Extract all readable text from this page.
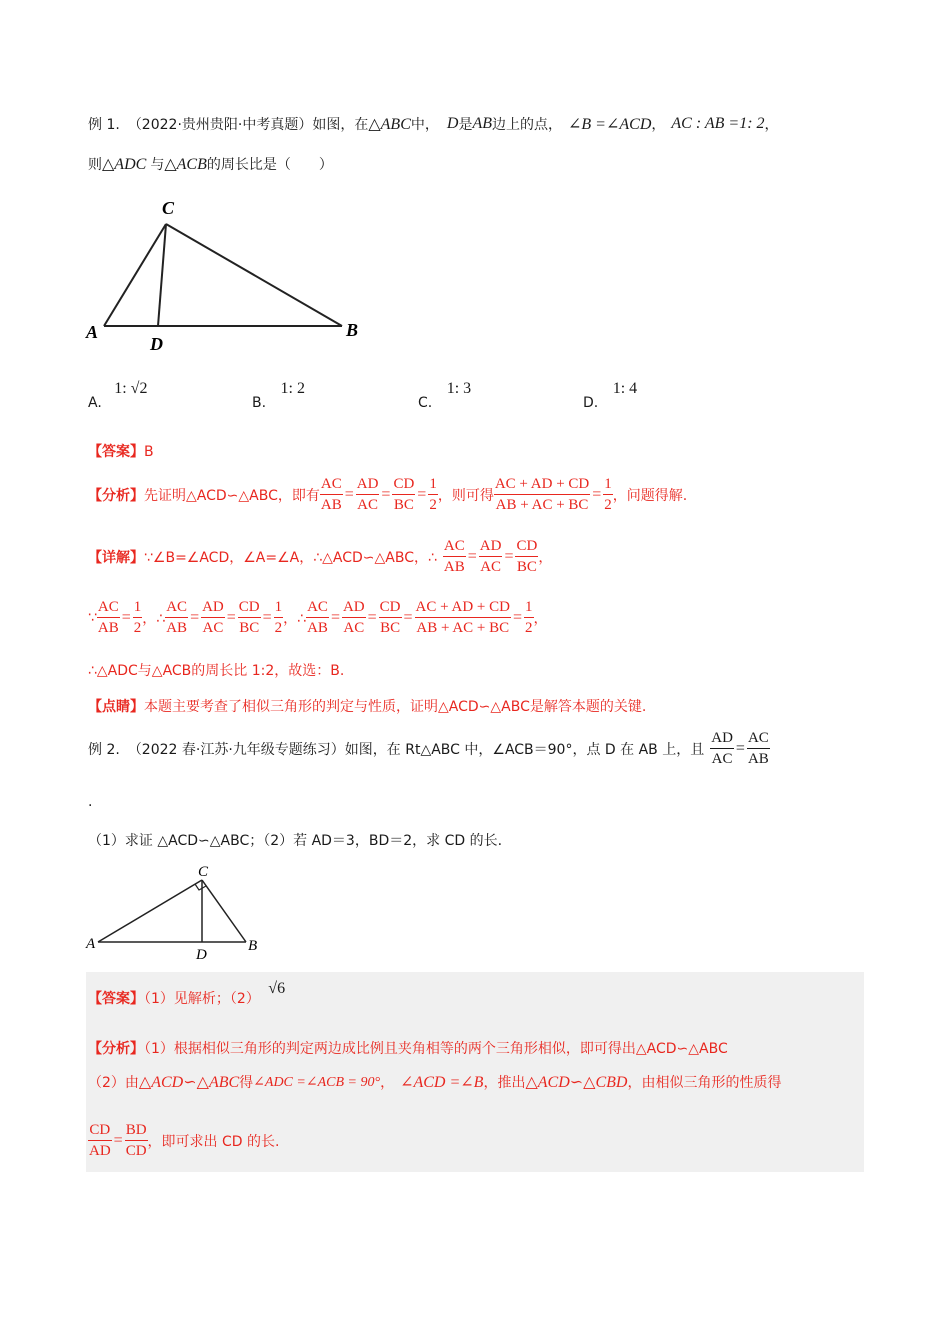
例 1. （2022·贵州贵阳·中考真题） 如图，在 △ABC 中， D 是 AB 边上的点， ∠B =∠ACD ， AC : AB =1: 2 ，
则 △ADC 与 △ACB 的周长比是（　　）
C
A
D
B
A. 1: √2
B. 1: 2
C. 1: 3
D. 1: 4
【答案】B
【分析】 先证明△ACD∽△ABC，即有 $\frac{AC}{AB} = \frac{AD}{AC} = \frac{CD}{BC} = \frac{1}{2}$ ，则可得 $\frac{AC + AD + CD}{AB + AC + BC} = \frac{1}{2}$ ，问题得解.
【详解】 ∵∠B=∠ACD，∠A=∠A，∴△ACD∽△ABC，∴ $\frac{AC}{AB} = \frac{AD}{AC} = \frac{CD}{BC}$ ，
∵ $\frac{AC}{AB} = \frac{1}{2}$ ，∴ $\frac{AC}{AB} = \frac{AD}{AC} = \frac{CD}{BC} = \frac{1}{2}$ ，∴ $\frac{AC}{AB} = \frac{AD}{AC} = \frac{CD}{BC} = \frac{AC + AD + CD}{AB + AC + BC} = \frac{1}{2}$ ，
∴△ADC与△ACB的周长比 1:2，故选：B.
【点睛】本题主要考查了相似三角形的判定与性质，证明△ACD∽△ABC是解答本题的关键.
例 2. （2022 春·江苏·九年级专题练习） 如图，在 Rt△ABC 中，∠ACB＝90°，点 D 在 AB 上，且 $\frac{AD}{AC} = \frac{AC}{AB}$
.
（1）求证 △ACD∽△ABC；（2）若 AD＝3，BD＝2，求 CD 的长.
C
A
D
B
【答案】（1）见解析；（2） √6
【分析】（1）根据相似三角形的判定两边成比例且夹角相等的两个三角形相似，即可得出△ACD∽△ABC
（2）由 △ACD∽△ABC 得 ∠ADC =∠ACB = 90° ， ∠ACD =∠B ，推出 △ACD∽△CBD ，由相似三角形的性质得
$\frac{CD}{AD} = \frac{BD}{CD}$ ，即可求出 CD 的长.
